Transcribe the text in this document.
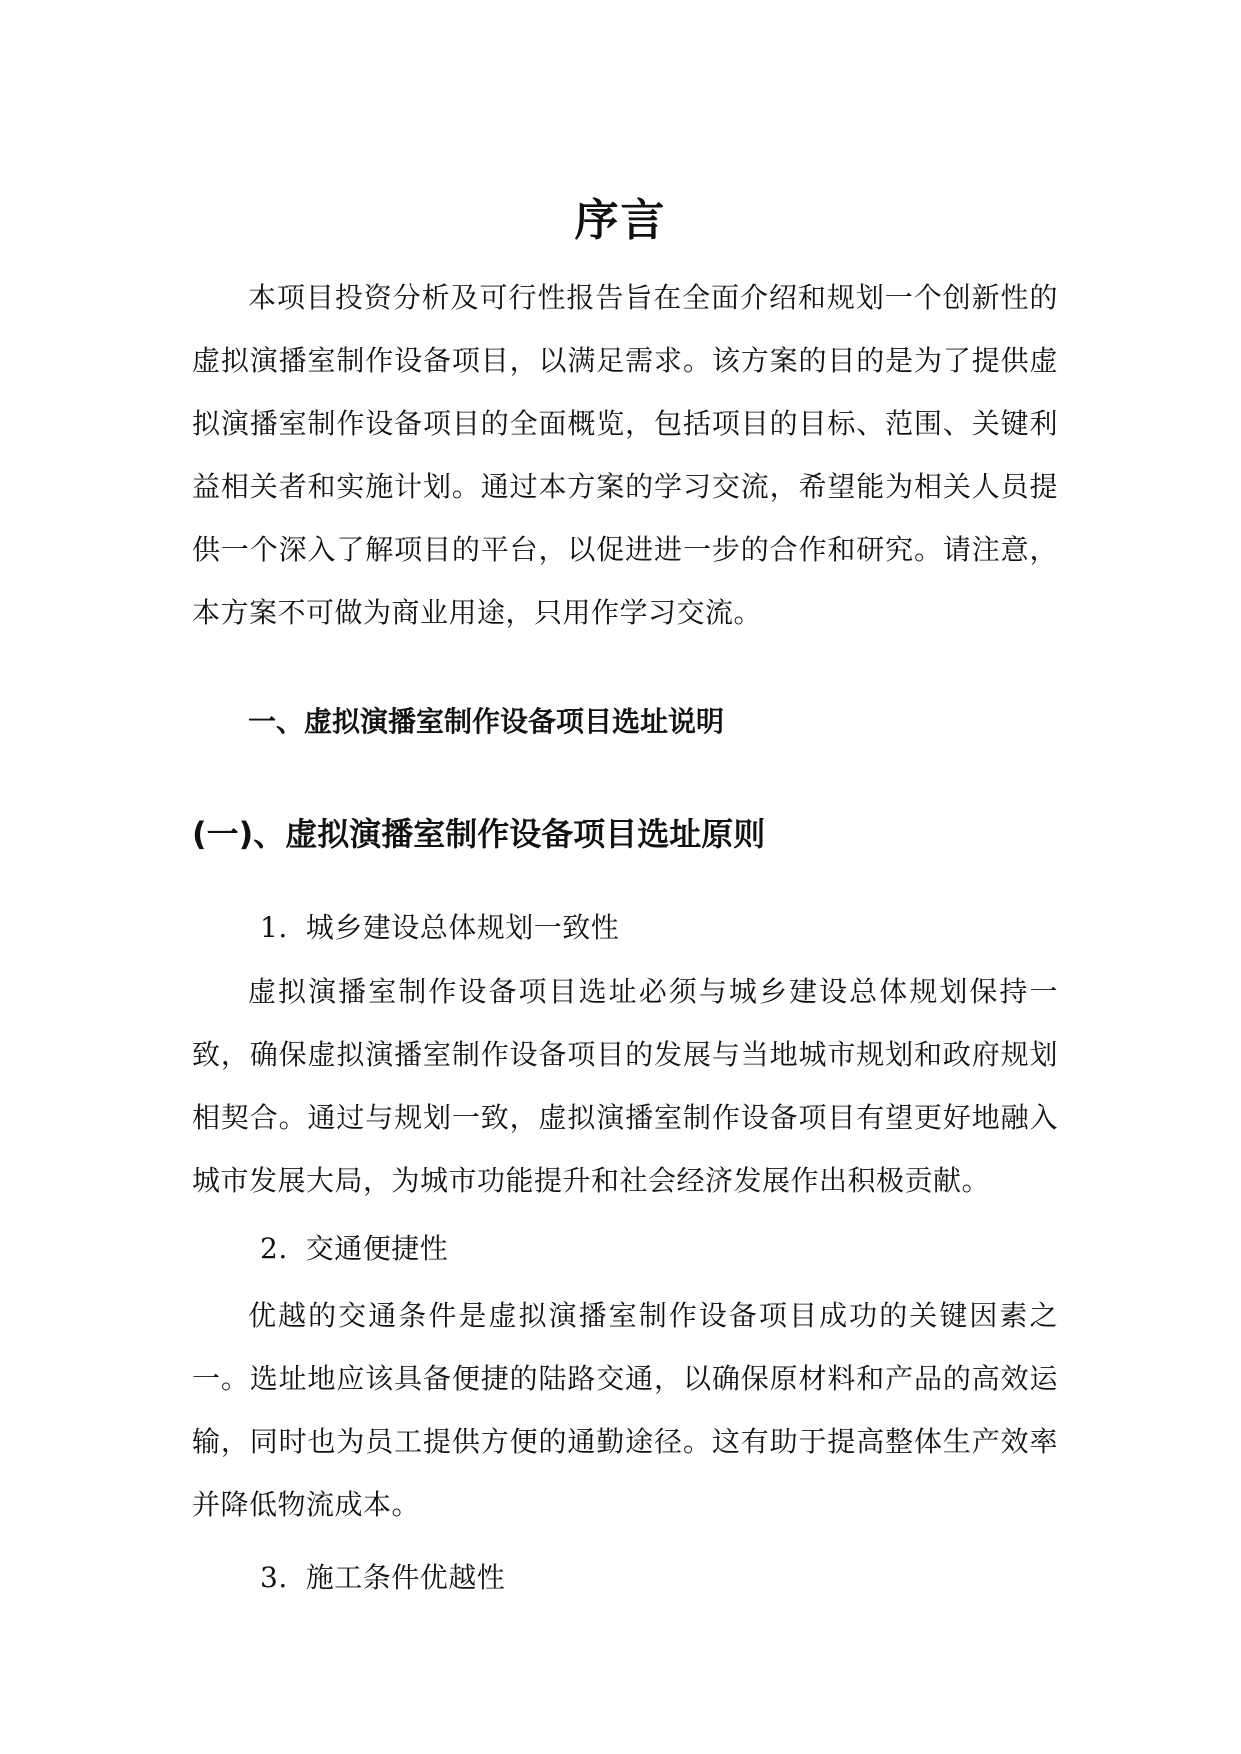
序言

本项目投资分析及可行性报告旨在全面介绍和规划一个创新性的虚拟演播室制作设备项目，以满足需求。该方案的目的是为了提供虚拟演播室制作设备项目的全面概览，包括项目的目标、范围、关键利益相关者和实施计划。通过本方案的学习交流，希望能为相关人员提供一个深入了解项目的平台，以促进进一步的合作和研究。请注意，本方案不可做为商业用途，只用作学习交流。

一、虚拟演播室制作设备项目选址说明
(一)、虚拟演播室制作设备项目选址原则

1. 城乡建设总体规划一致性

虚拟演播室制作设备项目选址必须与城乡建设总体规划保持一致，确保虚拟演播室制作设备项目的发展与当地城市规划和政府规划相契合。通过与规划一致，虚拟演播室制作设备项目有望更好地融入城市发展大局，为城市功能提升和社会经济发展作出积极贡献。

2. 交通便捷性

优越的交通条件是虚拟演播室制作设备项目成功的关键因素之一。选址地应该具备便捷的陆路交通，以确保原材料和产品的高效运输，同时也为员工提供方便的通勤途径。这有助于提高整体生产效率并降低物流成本。

3. 施工条件优越性
